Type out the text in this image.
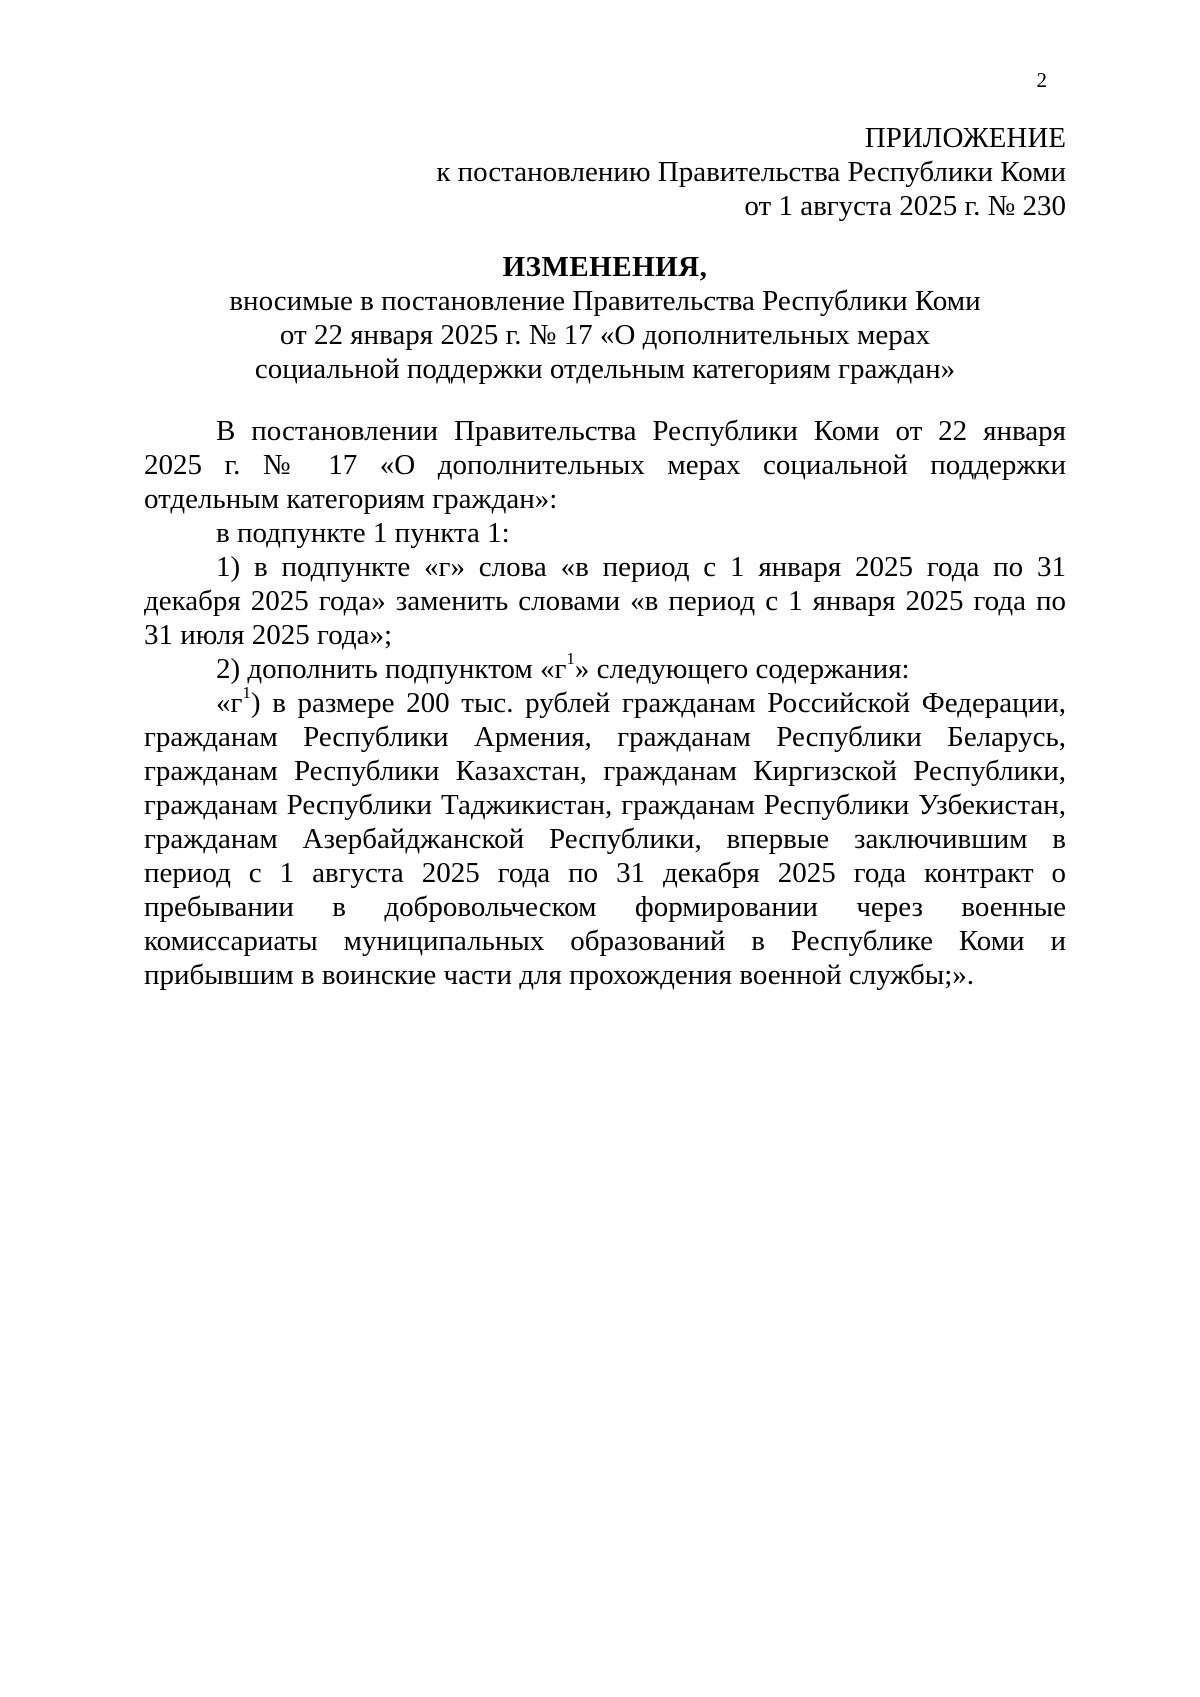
2
ПРИЛОЖЕНИЕ
к постановлению Правительства Республики Коми
от 1 августа 2025 г. № 230
ИЗМЕНЕНИЯ,
вносимые в постановление Правительства Республики Коми
от 22 января 2025 г. № 17 «О дополнительных мерах
социальной поддержки отдельным категориям граждан»

В постановлении Правительства Республики Коми от 22 января 2025 г. № 17 «О дополнительных мерах социальной поддержки отдельным категориям граждан»:

в подпункте 1 пункта 1:

1) в подпункте «г» слова «в период с 1 января 2025 года по 31 декабря 2025 года» заменить словами «в период с 1 января 2025 года по 31 июля 2025 года»;

2) дополнить подпунктом «$г^1$» следующего содержания:

«$г^1$) в размере 200 тыс. рублей гражданам Российской Федерации, гражданам Республики Армения, гражданам Республики Беларусь, гражданам Республики Казахстан, гражданам Киргизской Республики, гражданам Республики Таджикистан, гражданам Республики Узбекистан, гражданам Азербайджанской Республики, впервые заключившим в период с 1 августа 2025 года по 31 декабря 2025 года контракт о пребывании в добровольческом формировании через военные комиссариаты муниципальных образований в Республике Коми и прибывшим в воинские части для прохождения военной службы;».
